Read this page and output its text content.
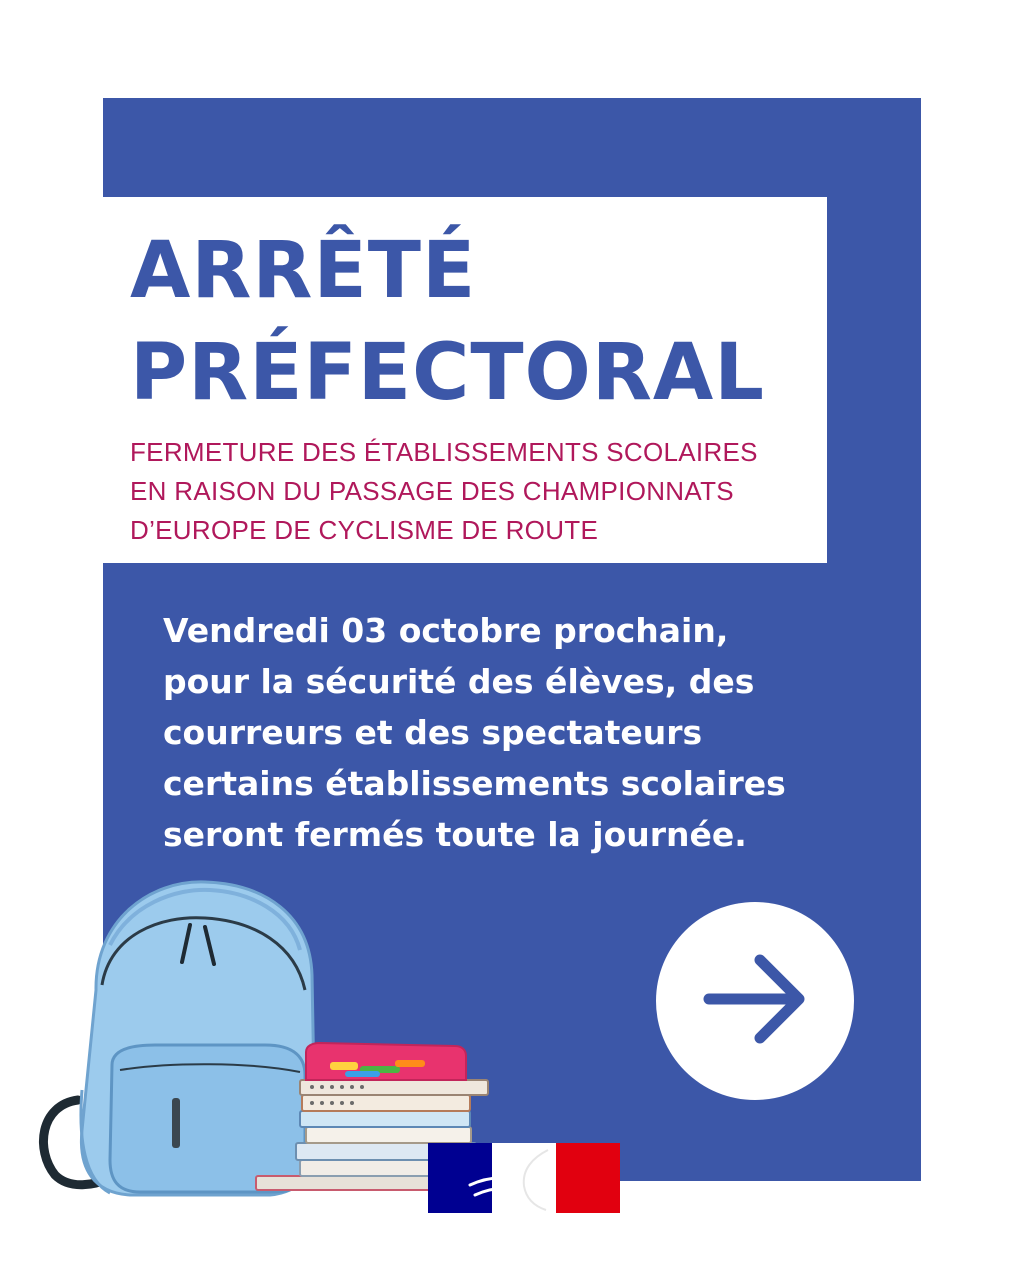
ARRÊTÉ
PRÉFECTORAL
FERMETURE DES ÉTABLISSEMENTS SCOLAIRES
EN RAISON DU PASSAGE DES CHAMPIONNATS
D’EUROPE DE CYCLISME DE ROUTE
Vendredi 03 octobre prochain,
pour la sécurité des élèves, des
courreurs et des spectateurs
certains établissements scolaires
seront fermés toute la journée.
